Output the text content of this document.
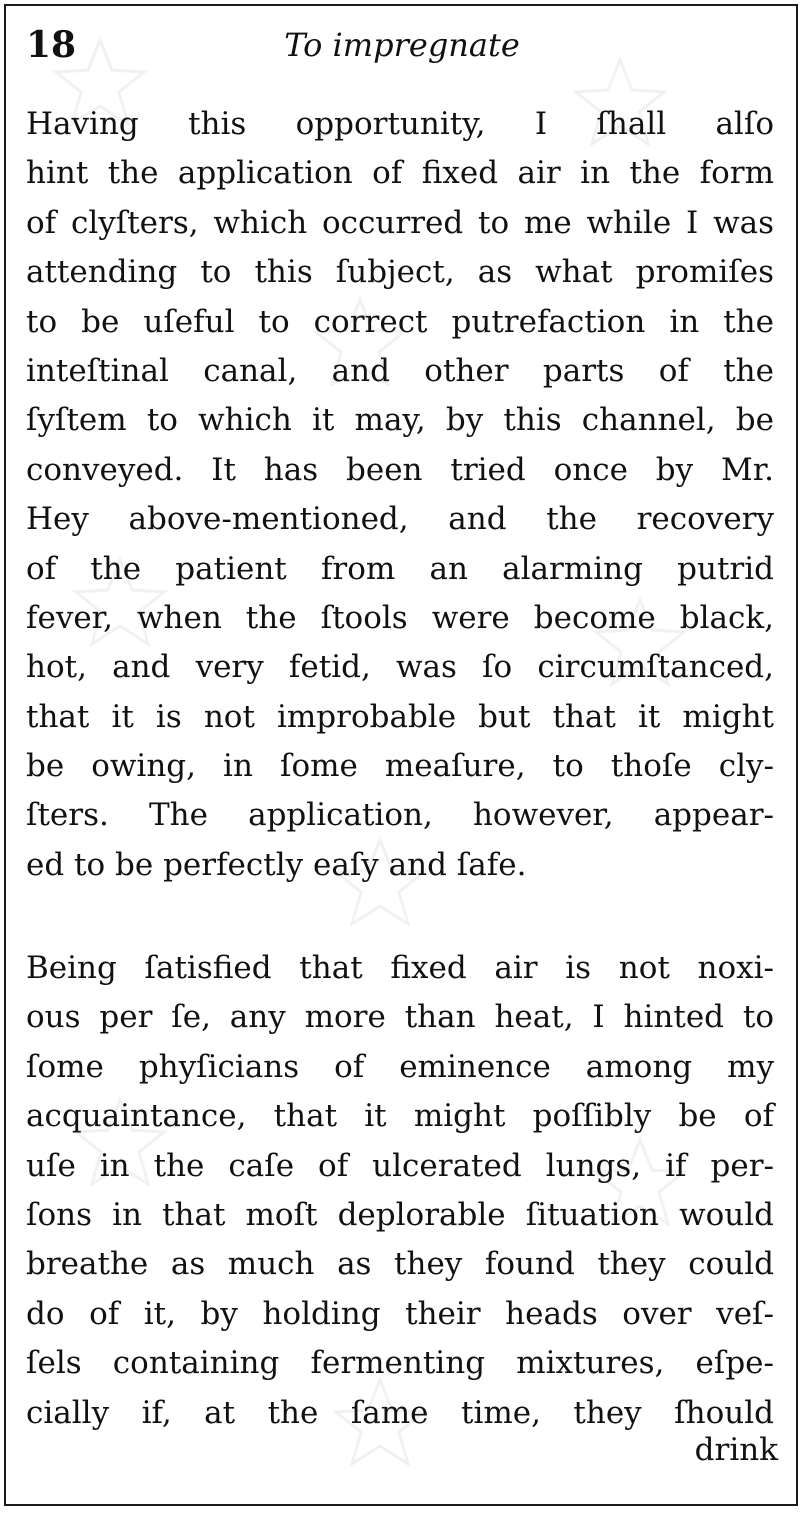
18	To impregnate
Having this opportunity, I ſhall alſo
hint the application of fixed air in the form
of clyſters, which occurred to me while I was
attending to this ſubject, as what promiſes
to be uſeful to correct putrefaction in the
inteſtinal canal, and other parts of the
ſyſtem to which it may, by this channel, be
conveyed. It has been tried once by Mr.
Hey above-mentioned, and the recovery
of the patient from an alarming putrid
fever, when the ſtools were become black,
hot, and very fetid, was ſo circumſtanced,
that it is not improbable but that it might
be owing, in ſome meaſure, to thoſe cly-
ſters. The application, however, appear-
ed to be perfectly eaſy and ſafe.
Being ſatisfied that fixed air is not noxi-
ous per ſe, any more than heat, I hinted to
ſome phyſicians of eminence among my
acquaintance, that it might poſſibly be of
uſe in the caſe of ulcerated lungs, if per-
ſons in that moſt deplorable ſituation would
breathe as much as they found they could
do of it, by holding their heads over veſ-
ſels containing fermenting mixtures, eſpe-
cially if, at the ſame time, they ſhould
drink
